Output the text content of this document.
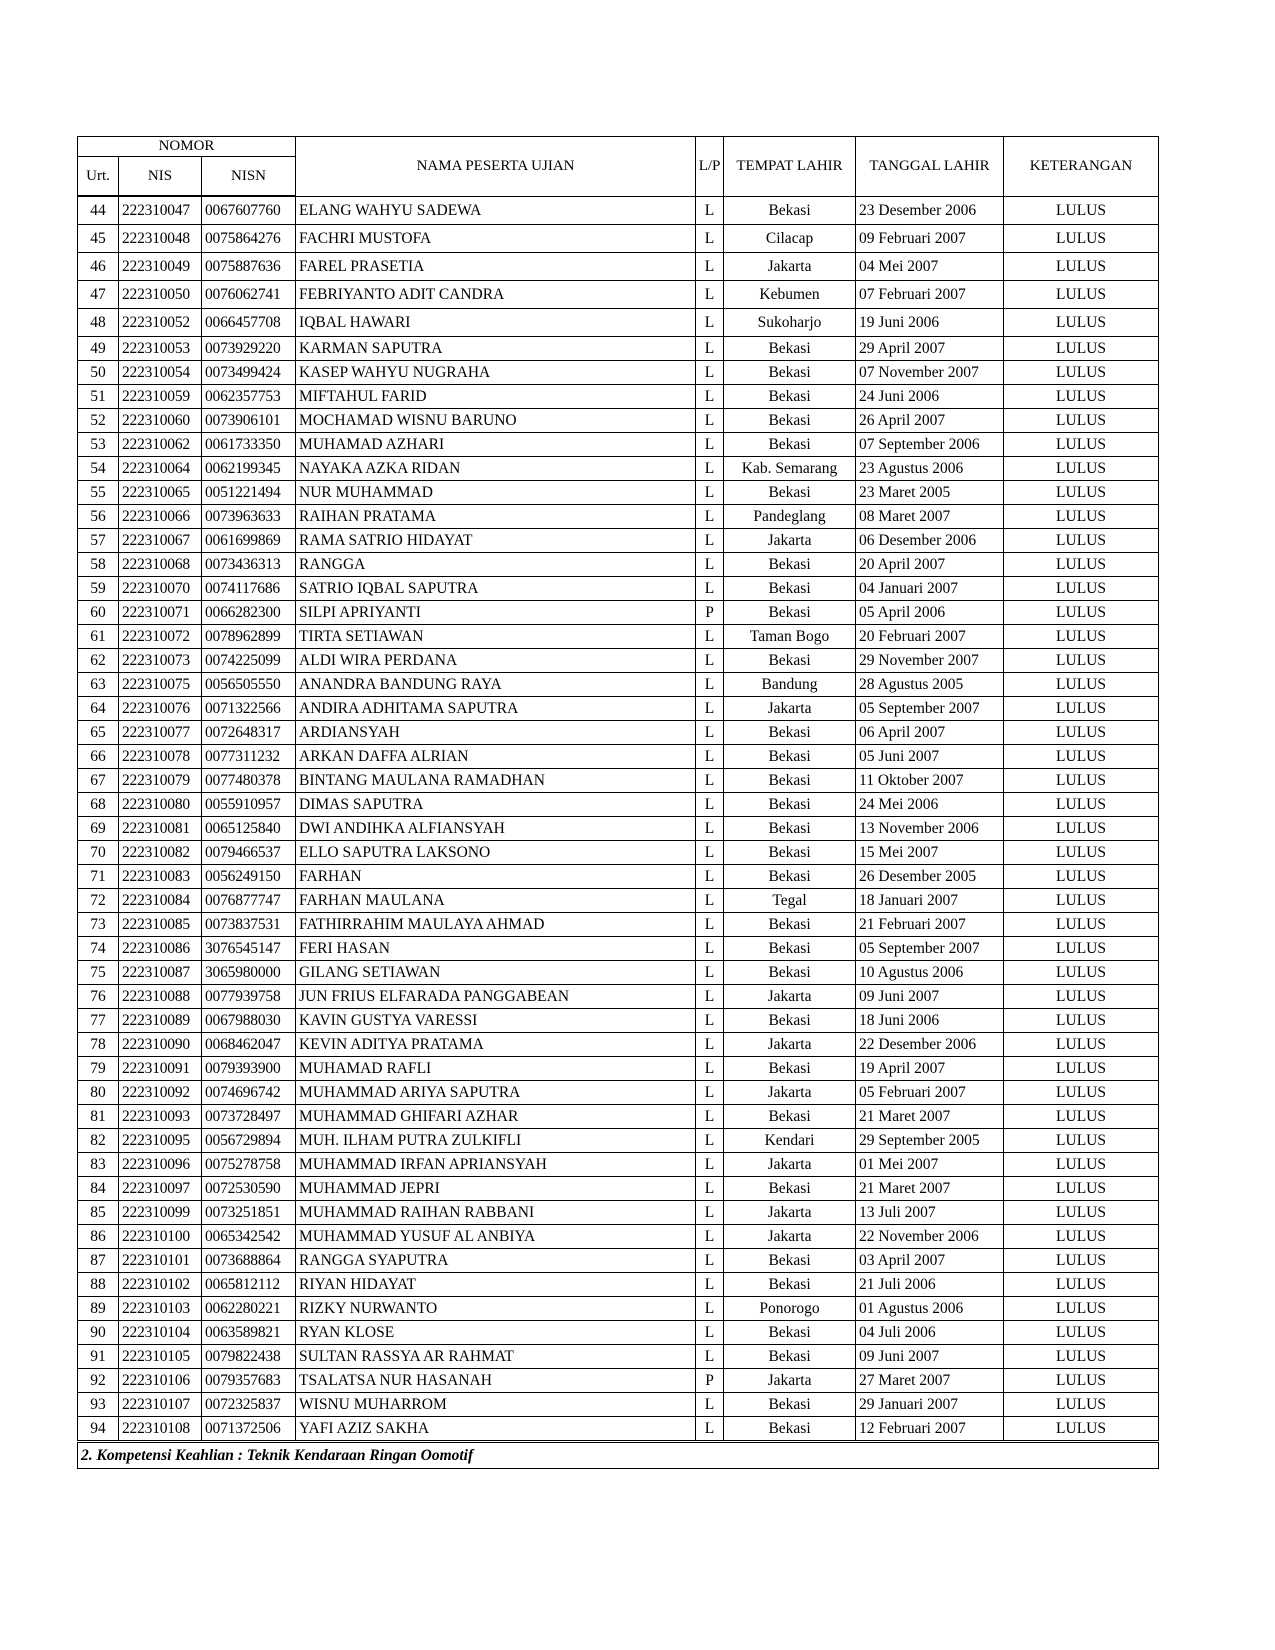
NOMOR			NAMA PESERTA UJIAN	L/P	TEMPAT LAHIR	TANGGAL LAHIR	KETERANGAN
Urt.	NIS	NISN					
44	222310047	0067607760	ELANG WAHYU SADEWA	L	Bekasi	23 Desember 2006	LULUS
45	222310048	0075864276	FACHRI MUSTOFA	L	Cilacap	09 Februari 2007	LULUS
46	222310049	0075887636	FAREL PRASETIA	L	Jakarta	04 Mei 2007	LULUS
47	222310050	0076062741	FEBRIYANTO ADIT CANDRA	L	Kebumen	07 Februari 2007	LULUS
48	222310052	0066457708	IQBAL HAWARI	L	Sukoharjo	19 Juni 2006	LULUS
49	222310053	0073929220	KARMAN SAPUTRA	L	Bekasi	29 April 2007	LULUS
50	222310054	0073499424	KASEP WAHYU NUGRAHA	L	Bekasi	07 November 2007	LULUS
51	222310059	0062357753	MIFTAHUL FARID	L	Bekasi	24 Juni 2006	LULUS
52	222310060	0073906101	MOCHAMAD WISNU BARUNO	L	Bekasi	26 April 2007	LULUS
53	222310062	0061733350	MUHAMAD AZHARI	L	Bekasi	07 September 2006	LULUS
54	222310064	0062199345	NAYAKA AZKA RIDAN	L	Kab. Semarang	23 Agustus 2006	LULUS
55	222310065	0051221494	NUR MUHAMMAD	L	Bekasi	23 Maret 2005	LULUS
56	222310066	0073963633	RAIHAN PRATAMA	L	Pandeglang	08 Maret 2007	LULUS
57	222310067	0061699869	RAMA SATRIO HIDAYAT	L	Jakarta	06 Desember 2006	LULUS
58	222310068	0073436313	RANGGA	L	Bekasi	20 April 2007	LULUS
59	222310070	0074117686	SATRIO IQBAL SAPUTRA	L	Bekasi	04 Januari 2007	LULUS
60	222310071	0066282300	SILPI APRIYANTI	P	Bekasi	05 April 2006	LULUS
61	222310072	0078962899	TIRTA SETIAWAN	L	Taman Bogo	20 Februari 2007	LULUS
62	222310073	0074225099	ALDI WIRA PERDANA	L	Bekasi	29 November 2007	LULUS
63	222310075	0056505550	ANANDRA BANDUNG RAYA	L	Bandung	28 Agustus 2005	LULUS
64	222310076	0071322566	ANDIRA ADHITAMA SAPUTRA	L	Jakarta	05 September 2007	LULUS
65	222310077	0072648317	ARDIANSYAH	L	Bekasi	06 April 2007	LULUS
66	222310078	0077311232	ARKAN DAFFA ALRIAN	L	Bekasi	05 Juni 2007	LULUS
67	222310079	0077480378	BINTANG MAULANA RAMADHAN	L	Bekasi	11 Oktober 2007	LULUS
68	222310080	0055910957	DIMAS SAPUTRA	L	Bekasi	24 Mei 2006	LULUS
69	222310081	0065125840	DWI ANDIHKA ALFIANSYAH	L	Bekasi	13 November 2006	LULUS
70	222310082	0079466537	ELLO SAPUTRA LAKSONO	L	Bekasi	15 Mei 2007	LULUS
71	222310083	0056249150	FARHAN	L	Bekasi	26 Desember 2005	LULUS
72	222310084	0076877747	FARHAN MAULANA	L	Tegal	18 Januari 2007	LULUS
73	222310085	0073837531	FATHIRRAHIM MAULAYA AHMAD	L	Bekasi	21 Februari 2007	LULUS
74	222310086	3076545147	FERI HASAN	L	Bekasi	05 September 2007	LULUS
75	222310087	3065980000	GILANG SETIAWAN	L	Bekasi	10 Agustus 2006	LULUS
76	222310088	0077939758	JUN FRIUS ELFARADA PANGGABEAN	L	Jakarta	09 Juni 2007	LULUS
77	222310089	0067988030	KAVIN GUSTYA VARESSI	L	Bekasi	18 Juni 2006	LULUS
78	222310090	0068462047	KEVIN ADITYA PRATAMA	L	Jakarta	22 Desember 2006	LULUS
79	222310091	0079393900	MUHAMAD RAFLI	L	Bekasi	19 April 2007	LULUS
80	222310092	0074696742	MUHAMMAD ARIYA SAPUTRA	L	Jakarta	05 Februari 2007	LULUS
81	222310093	0073728497	MUHAMMAD GHIFARI AZHAR	L	Bekasi	21 Maret 2007	LULUS
82	222310095	0056729894	MUH. ILHAM PUTRA ZULKIFLI	L	Kendari	29 September 2005	LULUS
83	222310096	0075278758	MUHAMMAD IRFAN APRIANSYAH	L	Jakarta	01 Mei 2007	LULUS
84	222310097	0072530590	MUHAMMAD JEPRI	L	Bekasi	21 Maret 2007	LULUS
85	222310099	0073251851	MUHAMMAD RAIHAN RABBANI	L	Jakarta	13 Juli 2007	LULUS
86	222310100	0065342542	MUHAMMAD YUSUF AL ANBIYA	L	Jakarta	22 November 2006	LULUS
87	222310101	0073688864	RANGGA SYAPUTRA	L	Bekasi	03 April 2007	LULUS
88	222310102	0065812112	RIYAN HIDAYAT	L	Bekasi	21 Juli 2006	LULUS
89	222310103	0062280221	RIZKY NURWANTO	L	Ponorogo	01 Agustus 2006	LULUS
90	222310104	0063589821	RYAN KLOSE	L	Bekasi	04 Juli 2006	LULUS
91	222310105	0079822438	SULTAN RASSYA AR RAHMAT	L	Bekasi	09 Juni 2007	LULUS
92	222310106	0079357683	TSALATSA NUR HASANAH	P	Jakarta	27 Maret 2007	LULUS
93	222310107	0072325837	WISNU MUHARROM	L	Bekasi	29 Januari 2007	LULUS
94	222310108	0071372506	YAFI AZIZ SAKHA	L	Bekasi	12 Februari 2007	LULUS
2. Kompetensi Keahlian : Teknik Kendaraan Ringan Oomotif							
